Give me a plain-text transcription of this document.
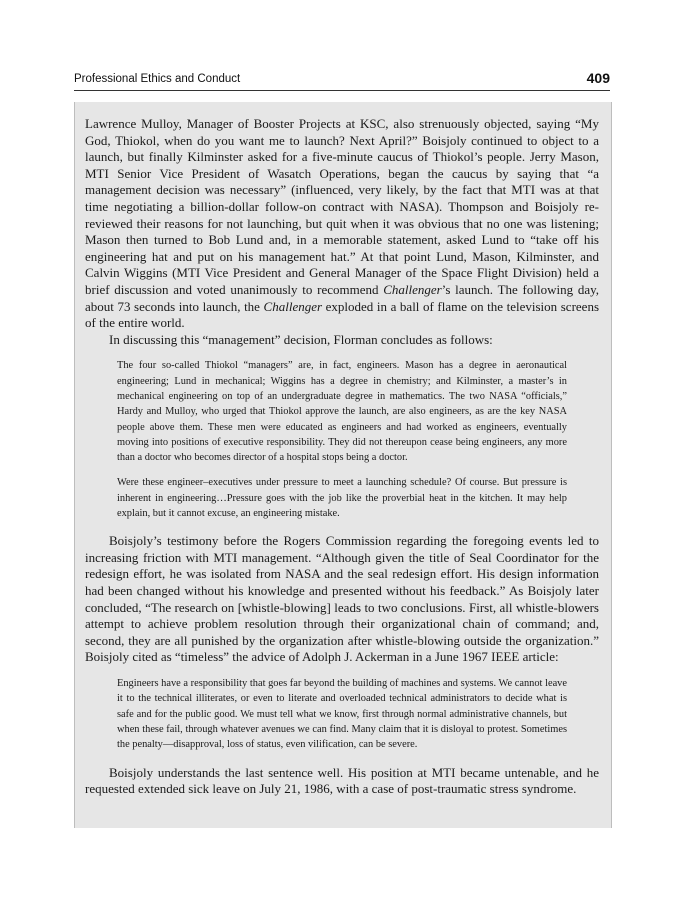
Professional Ethics and Conduct	409

Lawrence Mulloy, Manager of Booster Projects at KSC, also strenuously objected, saying “My God, Thiokol, when do you want me to launch? Next April?” Boisjoly continued to object to a launch, but finally Kilminster asked for a five-minute caucus of Thiokol’s people. Jerry Mason, MTI Senior Vice President of Wasatch Operations, began the caucus by saying that “a management decision was necessary” (influenced, very likely, by the fact that MTI was at that time negotiating a billion-dollar follow-on contract with NASA). Thompson and Boisjoly re-reviewed their reasons for not launching, but quit when it was obvious that no one was listening; Mason then turned to Bob Lund and, in a memorable statement, asked Lund to “take off his engineering hat and put on his management hat.” At that point Lund, Mason, Kilminster, and Calvin Wiggins (MTI Vice President and General Manager of the Space Flight Division) held a brief discussion and voted unanimously to recommend Challenger’s launch. The following day, about 73 seconds into launch, the Challenger exploded in a ball of flame on the television screens of the entire world.

In discussing this “management” decision, Florman concludes as follows:

The four so-called Thiokol “managers” are, in fact, engineers. Mason has a degree in aeronautical engineering; Lund in mechanical; Wiggins has a degree in chemistry; and Kilminster, a master’s in mechanical engineering on top of an undergraduate degree in mathematics. The two NASA “officials,” Hardy and Mulloy, who urged that Thiokol approve the launch, are also engineers, as are the key NASA people above them. These men were educated as engineers and had worked as engineers, eventually moving into positions of executive responsibility. They did not thereupon cease being engineers, any more than a doctor who becomes director of a hospital stops being a doctor.
Were these engineer–executives under pressure to meet a launching schedule? Of course. But pressure is inherent in engineering…Pressure goes with the job like the proverbial heat in the kitchen. It may help explain, but it cannot excuse, an engineering mistake.

Boisjoly’s testimony before the Rogers Commission regarding the foregoing events led to increasing friction with MTI management. “Although given the title of Seal Coordinator for the redesign effort, he was isolated from NASA and the seal redesign effort. His design information had been changed without his knowledge and presented without his feedback.” As Boisjoly later concluded, “The research on [whistle-blowing] leads to two conclusions. First, all whistle-blowers attempt to achieve problem resolution through their organizational chain of command; and, second, they are all punished by the organization after whistle-blowing outside the organization.” Boisjoly cited as “timeless” the advice of Adolph J. Ackerman in a June 1967 IEEE article:

Engineers have a responsibility that goes far beyond the building of machines and systems. We cannot leave it to the technical illiterates, or even to literate and overloaded technical administrators to decide what is safe and for the public good. We must tell what we know, first through normal administrative channels, but when these fail, through whatever avenues we can find. Many claim that it is disloyal to protest. Sometimes the penalty—disapproval, loss of status, even vilification, can be severe.

Boisjoly understands the last sentence well. His position at MTI became untenable, and he requested extended sick leave on July 21, 1986, with a case of post-traumatic stress syndrome.
